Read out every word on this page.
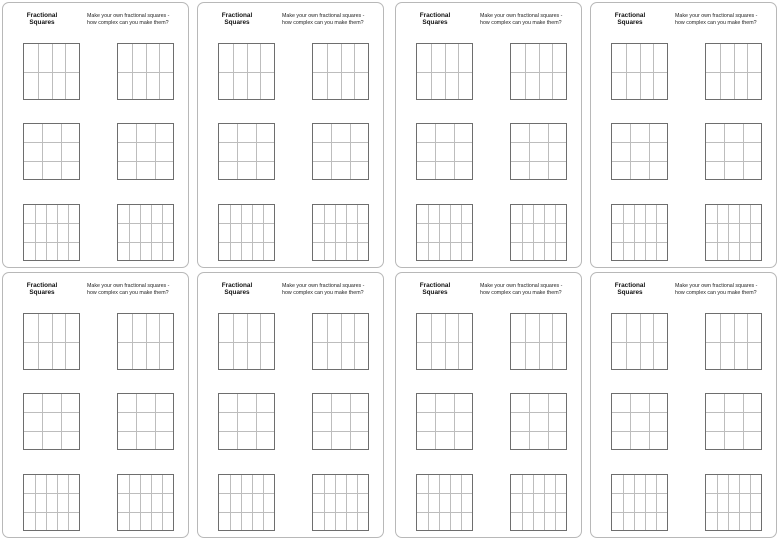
Fractional Squares
Make your own fractional squares -
how complex can you make them?
Fractional Squares
Make your own fractional squares -
how complex can you make them?
Fractional Squares
Make your own fractional squares -
how complex can you make them?
Fractional Squares
Make your own fractional squares -
how complex can you make them?
Fractional Squares
Make your own fractional squares -
how complex can you make them?
Fractional Squares
Make your own fractional squares -
how complex can you make them?
Fractional Squares
Make your own fractional squares -
how complex can you make them?
Fractional Squares
Make your own fractional squares -
how complex can you make them?
